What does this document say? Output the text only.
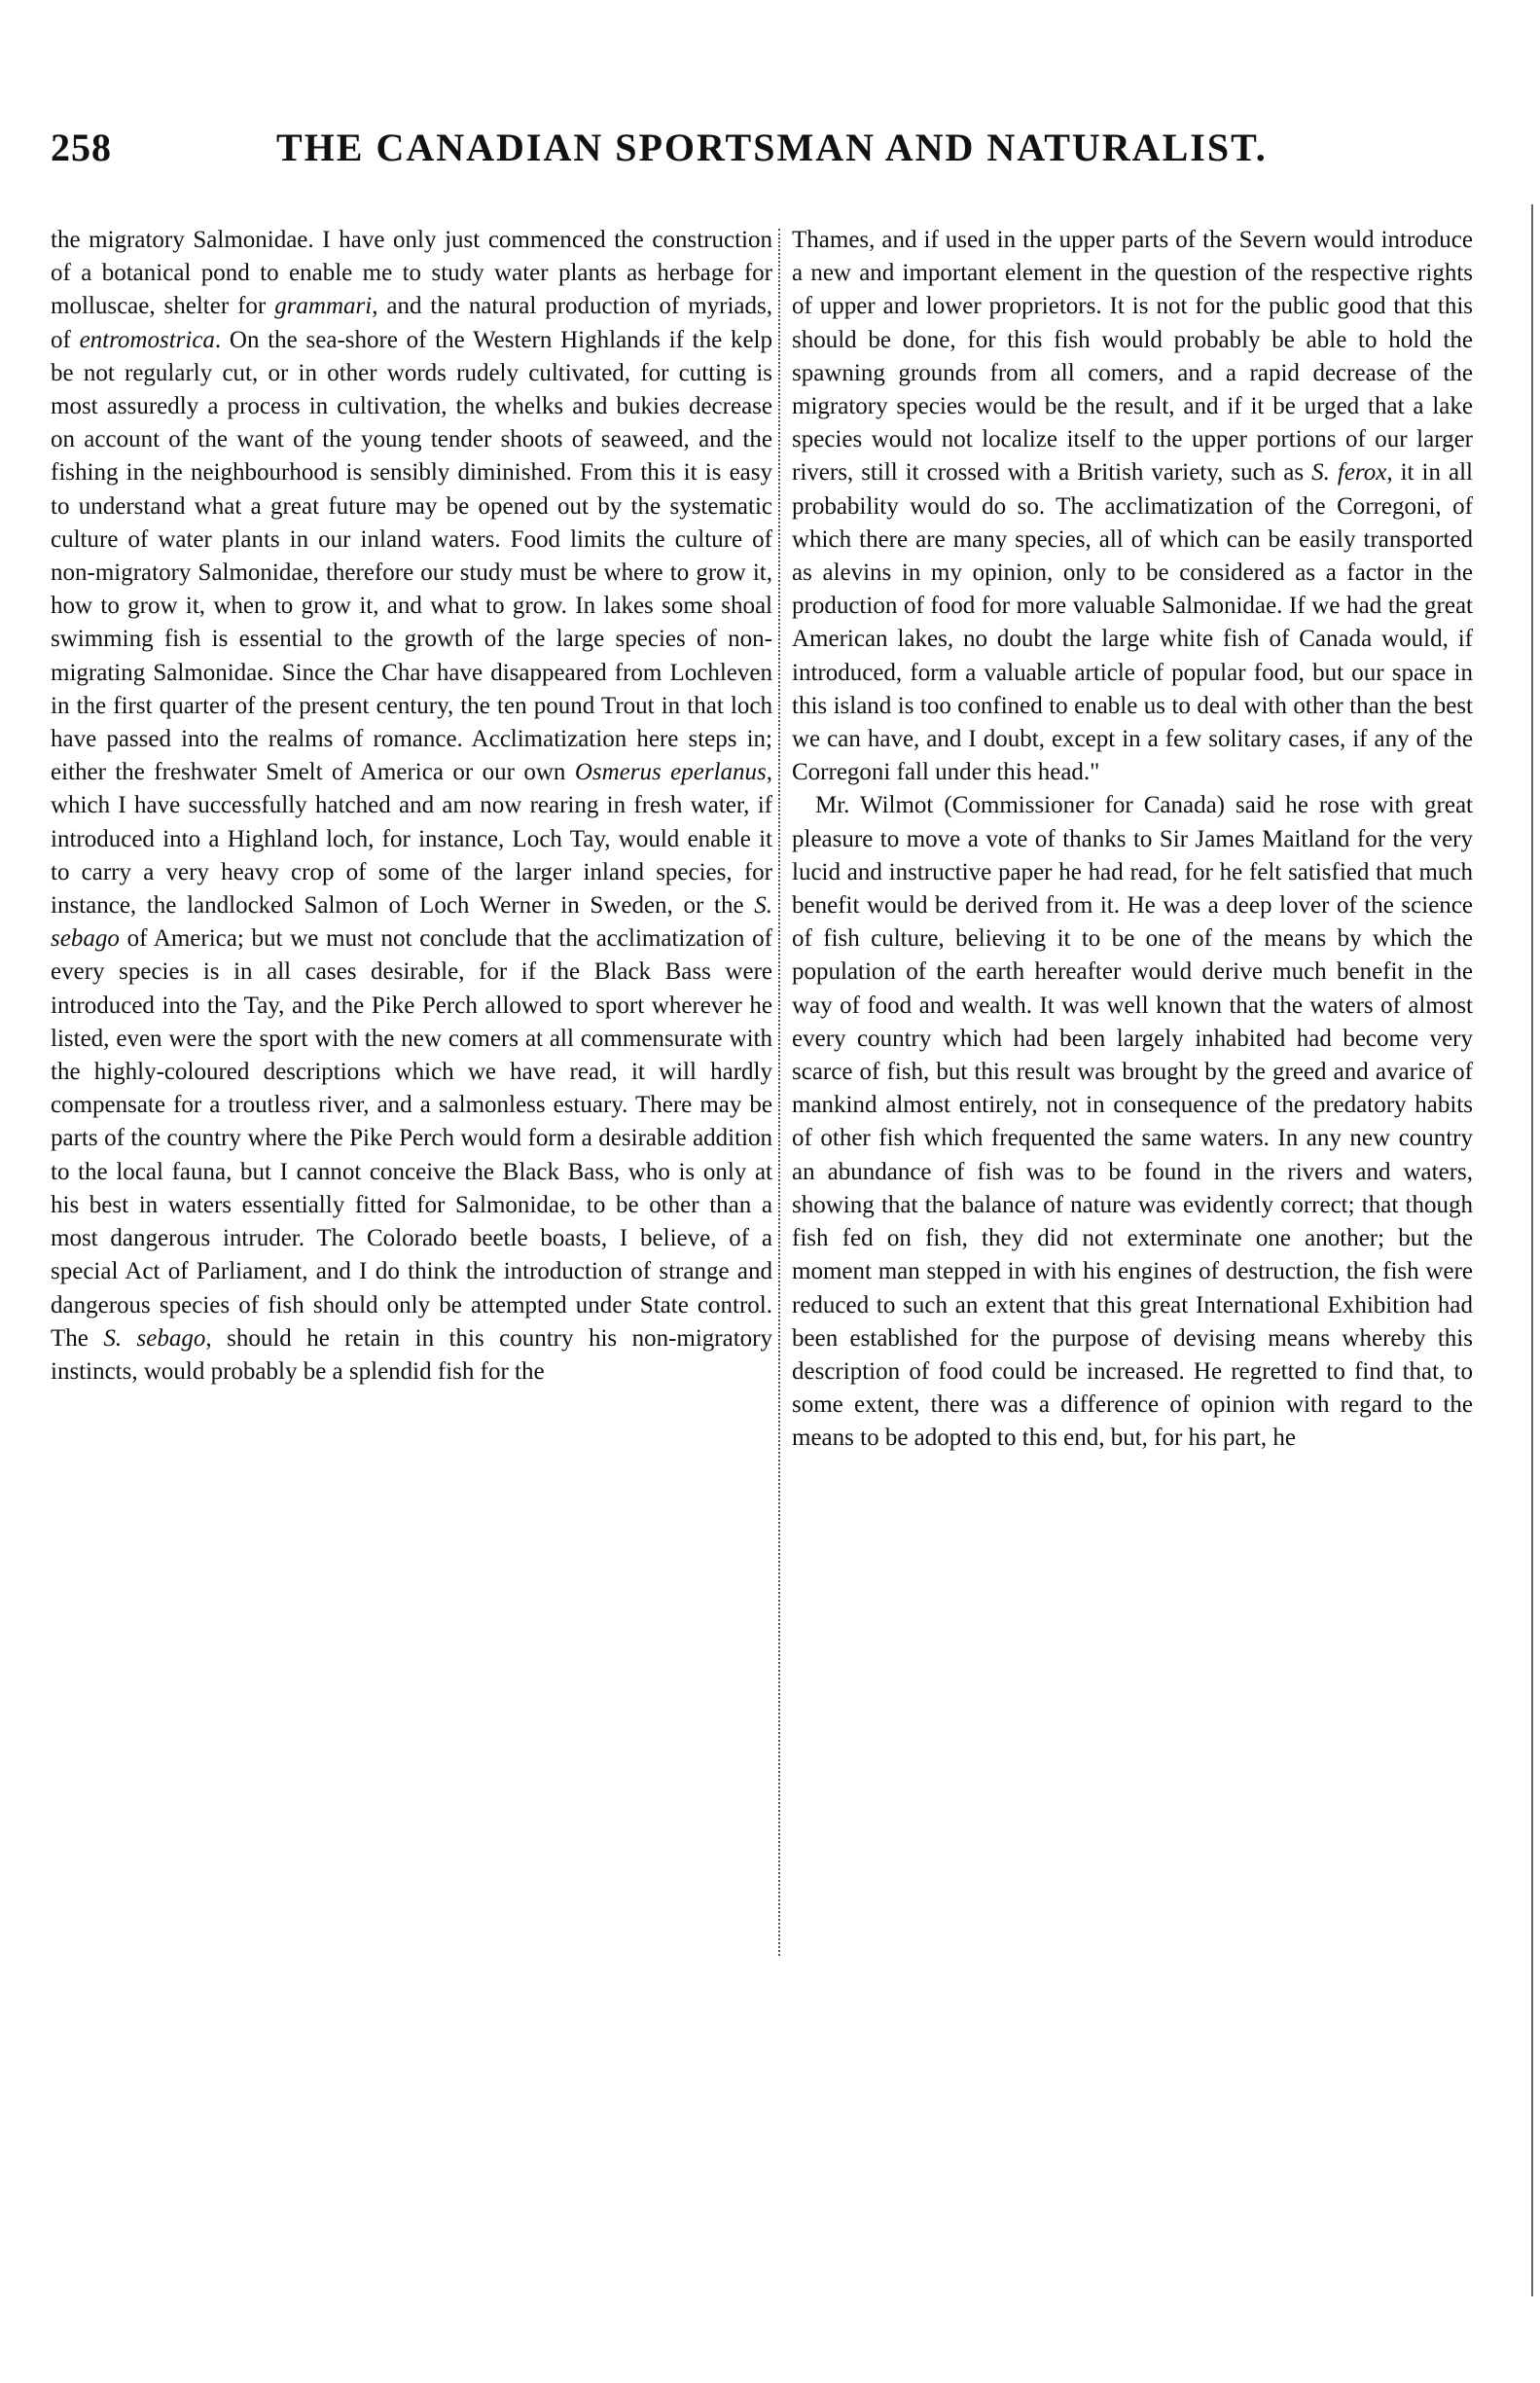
258	THE CANADIAN SPORTSMAN AND NATURALIST.

the migratory Salmonidae. I have only just commenced the construction of a botanical pond to enable me to study water plants as herbage for molluscae, shelter for grammari, and the natural production of myriads, of entromostrica. On the sea-shore of the Western Highlands if the kelp be not regularly cut, or in other words rudely cultivated, for cutting is most assuredly a process in cultivation, the whelks and bukies decrease on account of the want of the young tender shoots of seaweed, and the fishing in the neighbourhood is sensibly diminished. From this it is easy to understand what a great future may be opened out by the systematic culture of water plants in our inland waters. Food limits the culture of non-migratory Salmonidae, therefore our study must be where to grow it, how to grow it, when to grow it, and what to grow. In lakes some shoal swimming fish is essential to the growth of the large species of non-migrating Salmonidae. Since the Char have disappeared from Lochleven in the first quarter of the present century, the ten pound Trout in that loch have passed into the realms of romance. Acclimatization here steps in; either the freshwater Smelt of America or our own Osmerus eperlanus, which I have successfully hatched and am now rearing in fresh water, if introduced into a Highland loch, for instance, Loch Tay, would enable it to carry a very heavy crop of some of the larger inland species, for instance, the landlocked Salmon of Loch Werner in Sweden, or the S. sebago of America; but we must not conclude that the acclimatization of every species is in all cases desirable, for if the Black Bass were introduced into the Tay, and the Pike Perch allowed to sport wherever he listed, even were the sport with the new comers at all commensurate with the highly-coloured descriptions which we have read, it will hardly compensate for a troutless river, and a salmonless estuary. There may be parts of the country where the Pike Perch would form a desirable addition to the local fauna, but I cannot conceive the Black Bass, who is only at his best in waters essentially fitted for Salmonidae, to be other than a most dangerous intruder. The Colorado beetle boasts, I believe, of a special Act of Parliament, and I do think the introduction of strange and dangerous species of fish should only be attempted under State control. The S. sebago, should he retain in this country his non-migratory instincts, would probably be a splendid fish for the

Thames, and if used in the upper parts of the Severn would introduce a new and important element in the question of the respective rights of upper and lower proprietors. It is not for the public good that this should be done, for this fish would probably be able to hold the spawning grounds from all comers, and a rapid decrease of the migratory species would be the result, and if it be urged that a lake species would not localize itself to the upper portions of our larger rivers, still it crossed with a British variety, such as S. ferox, it in all probability would do so. The acclimatization of the Corregoni, of which there are many species, all of which can be easily transported as alevins in my opinion, only to be considered as a factor in the production of food for more valuable Salmonidae. If we had the great American lakes, no doubt the large white fish of Canada would, if introduced, form a valuable article of popular food, but our space in this island is too confined to enable us to deal with other than the best we can have, and I doubt, except in a few solitary cases, if any of the Corregoni fall under this head."

Mr. Wilmot (Commissioner for Canada) said he rose with great pleasure to move a vote of thanks to Sir James Maitland for the very lucid and instructive paper he had read, for he felt satisfied that much benefit would be derived from it. He was a deep lover of the science of fish culture, believing it to be one of the means by which the population of the earth hereafter would derive much benefit in the way of food and wealth. It was well known that the waters of almost every country which had been largely inhabited had become very scarce of fish, but this result was brought by the greed and avarice of mankind almost entirely, not in consequence of the predatory habits of other fish which frequented the same waters. In any new country an abundance of fish was to be found in the rivers and waters, showing that the balance of nature was evidently correct; that though fish fed on fish, they did not exterminate one another; but the moment man stepped in with his engines of destruction, the fish were reduced to such an extent that this great International Exhibition had been established for the purpose of devising means whereby this description of food could be increased. He regretted to find that, to some extent, there was a difference of opinion with regard to the means to be adopted to this end, but, for his part, he
